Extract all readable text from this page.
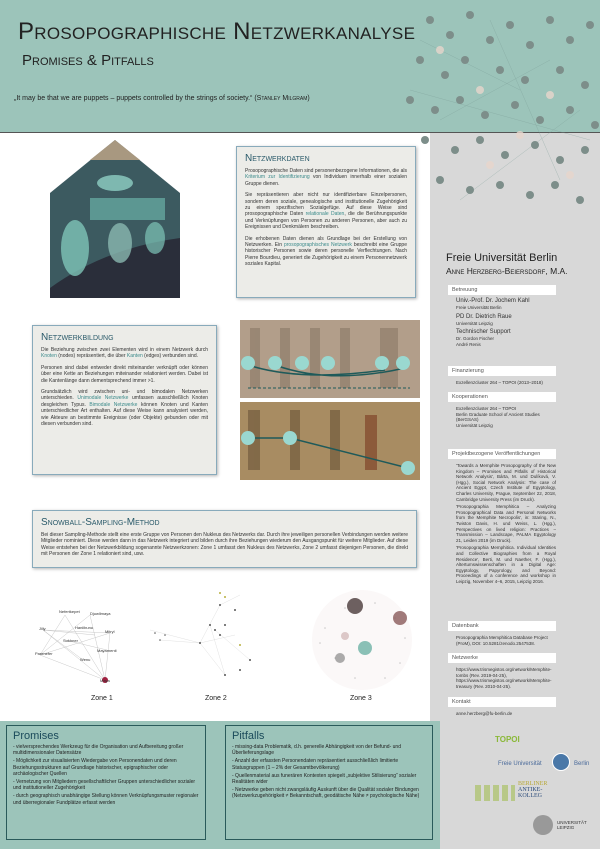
Prosopographische Netzwerkanalyse
Promises & Pitfalls
„It may be that we are puppets – puppets controlled by the strings of society.“ (Stanley Milgram)
Netzwerkdaten

Prosopographische Daten sind personenbezogene Informationen, die als Kriterium zur Identifizierung von Individuen innerhalb einer sozialen Gruppe dienen.

Sie repräsentieren aber nicht nur identifizierbare Einzelpersonen, sondern deren soziale, genealogische und institutionelle Zugehörigkeit zu einem spezifischen Sozialgefüge. Auf diese Weise sind prosopographische Daten relationale Daten, die die Berührungspunkte und Verknüpfungen von Personen zu anderen Personen, aber auch zu Ereignissen und Denkmälern beschreiben.

Die erhobenen Daten dienen als Grundlage bei der Erstellung von Netzwerken. Ein prosopographisches Netzwerk beschreibt eine Gruppe historischer Personen sowie deren personelle Verflechtungen. Nach Pierre Bourdieu, generiert die Zugehörigkeit zu einem Personennetzwerk soziales Kapital.

Netzwerkbildung

Die Beziehung zwischen zwei Elementen wird in einem Netzwerk durch Knoten (nodes) repräsentiert, die über Kanten (edges) verbunden sind.

Personen sind dabei entweder direkt miteinander verknüpft oder können über eine Kette an Beziehungen miteinander relationiert werden. Dabei ist die Kantenlänge dann dementsprechend immer >1.

Grundsätzlich wird zwischen uni- und bimodalen Netzwerken unterschieden. Unimodale Netzwerke umfassen ausschließlich Knoten desgleichen Typus. Bimodale Netzwerke können Knoten und Kanten unterschiedlicher Art enthalten. Auf diese Weise kann analysiert werden, wie Akteure an bestimmte Ereignisse (oder Objekte) gebunden oder mit diesen verbunden sind.

Snowball-Sampling-Method

Bei dieser Sampling-Methode stellt eine erste Gruppe von Personen den Nukleus des Netzwerks dar. Durch ihre jeweiligen personellen Verbindungen werden weitere Mitglieder nominiert. Diese werden dann in das Netzwerk integriert und bilden durch ihre Beziehungen wiederum den Ausgangspunkt für weitere Mitglieder. Auf diese Weise entstehen bei der Netzwerkbildung sogenannte Netzwerkzonen: Zone 1 umfasst den Nukleus des Netzwerks, Zone 2 umfasst diejenigen Personen, die direkt mit Personen der Zone 1 relationiert sind, usw.

Nefertkepet	Djuwllmaya
Jilly	Haniibunu
Mitryl
Parenefer
Sukhner
Mayamenti
Wenu
Maya
Zone 1	Zone 2	Zone 3
Freie Universität Berlin
Anne Herzberg-Beiersdorf, M.A.
Betreuung
Univ.-Prof. Dr. Jochem Kahl
Freie Universität Berlin
PD Dr. Dietrich Raue
Universität Leipzig
Technischer Support
Dr. Gordon Fischer
André Renis
Finanzierung
Exzellenzcluster 264 – TOPOI (2013–2018)
Kooperationen
Exzellenzcluster 264 – TOPOI
Berlin Graduate School of Ancient Studies (BerGSAS)
Universität Leipzig
Projektbezogene Veröffentlichungen
'Towards a Memphite Prosopography of the New Kingdom – Promises and Pitfalls of Historical Network Analysis', Bárta, M. und Dulíková, V. (Hgg.), Social Network Analysis: The case of Ancient Egypt, Czech Institute of Egyptology, Charles University, Prague, September 22, 2018, Cambridge University Press (im Druck).
'Prosopographia Memphitica – Analyzing Prosopographical Data and Personal Networks from the Memphite Necropolis', in: Staring, N., Twiston Davis, H. und Weiss, L. (Hgg.), Perspectives on lived religion: Practices – Transmission – Landscape, PALMA Egyptology 21, Leiden 2019 (im Druck).
'Prosopographia Memphitica. Individual Identities and Collective Biographies from a Royal Residence', Berti, M. und Naether, F. (Hgg.), Altertumswissenschaften in a Digital Age: Egyptology, Papyrology, and Beyond: Proceedings of a conference and workshop in Leipzig, November 4–6, 2015, Leipzig 2016.
Datenbank
Prosopographia Memphitica Database Project (ProM), DOI: 10.5281/zenodo.2547538.
Netzwerke
https://www.trismegistos.org/network/Memphite-tombs (Rev. 2019-04-25),
https://www.trismegistos.org/network/Memphite-treasury (Rev. 2010-04-25).
Kontakt
anne.herzberg@fu-berlin.de
Promises

- vielversprechendes Werkzeug für die Organisation und Aufbereitung großer multidimensionaler Datensätze

- Möglichkeit zur visualisierten Wiedergabe von Personendaten und deren Beziehungsstrukturen auf Grundlage historischer, epigraphischer oder archäologischer Quellen

- Vernetzung von Mitgliedern gesellschaftlicher Gruppen unterschiedlicher sozialer und institutioneller Zugehörigkeit

- durch geographisch unabhängige Stellung können Verknüpfungsmuster regionaler und überregionaler Fundplätze erfasst werden

Pitfalls

- missing-data Problematik, d.h. generelle Abhängigkeit von der Befund- und Überlieferungslage

- Anzahl der erfassten Personendaten repräsentiert ausschließlich limitierte Statusgruppen (1 – 2% der Gesamtbevölkerung)

- Quellenmaterial aus funerären Kontexten spiegelt „subjektive Stilisierung“ sozialer Realitäten wider

- Netzwerke geben nicht zwangsläufig Auskunft über die Qualität sozialer Bindungen (Netzwerkzugehörigkeit ≠ Bekanntschaft, geodätische Nähe ≠ psychologische Nähe)

TOPOI
Freie Universität	Berlin
BERLINER
ANTIKE-
KOLLEG
UNIVERSITÄT
LEIPZIG
